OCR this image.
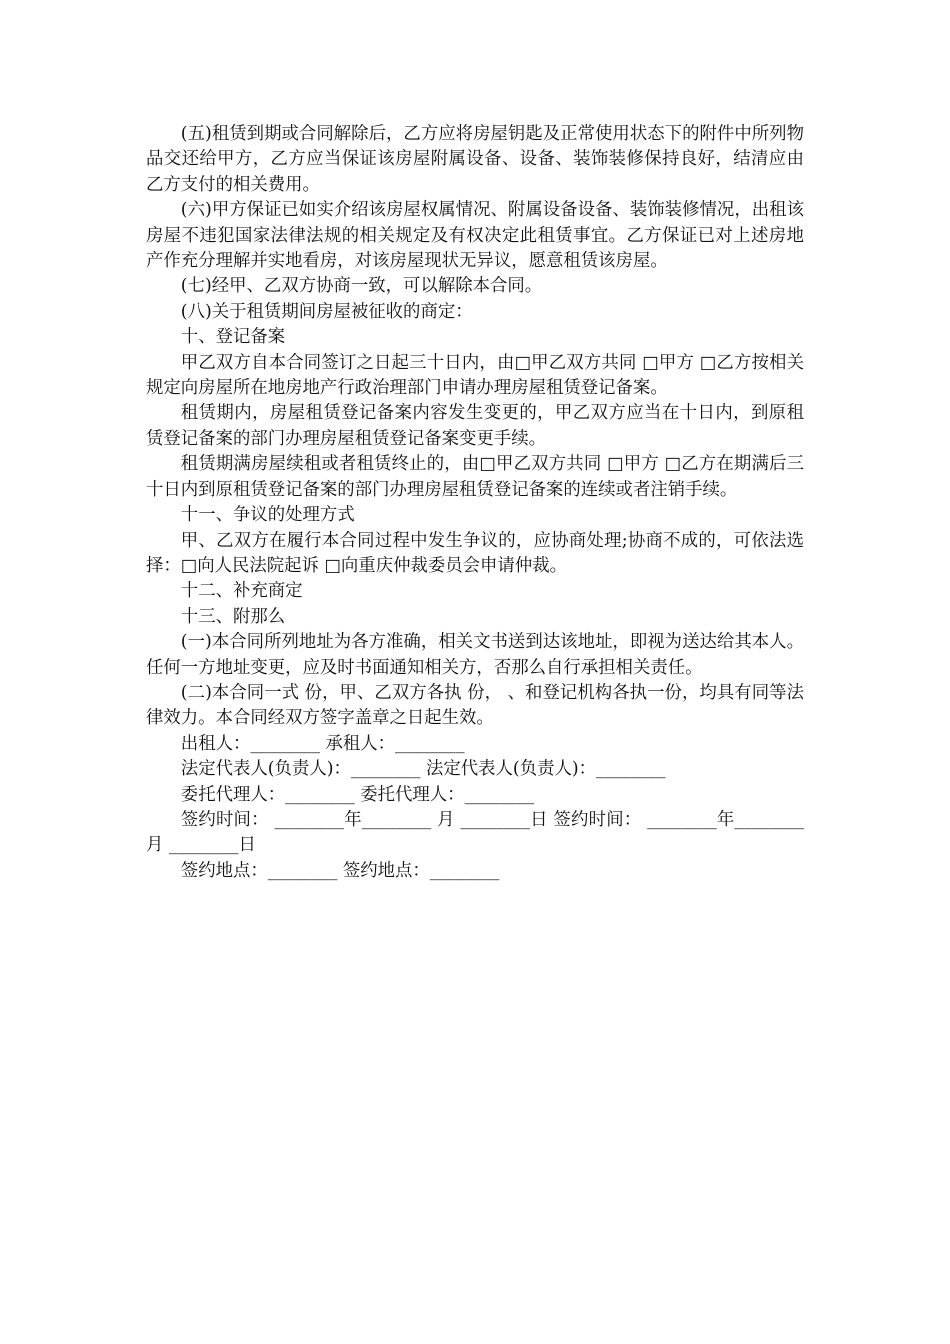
(五)租赁到期或合同解除后，乙方应将房屋钥匙及正常使用状态下的附件中所列物品交还给甲方，乙方应当保证该房屋附属设备、设备、装饰装修保持良好，结清应由乙方支付的相关费用。

(六)甲方保证已如实介绍该房屋权属情况、附属设备设备、装饰装修情况，出租该房屋不违犯国家法律法规的相关规定及有权决定此租赁事宜。乙方保证已对上述房地产作充分理解并实地看房，对该房屋现状无异议，愿意租赁该房屋。

(七)经甲、乙双方协商一致，可以解除本合同。

(八)关于租赁期间房屋被征收的商定：

十、登记备案

甲乙双方自本合同签订之日起三十日内，由□甲乙双方共同 □甲方 □乙方按相关规定向房屋所在地房地产行政治理部门申请办理房屋租赁登记备案。

租赁期内，房屋租赁登记备案内容发生变更的，甲乙双方应当在十日内，到原租赁登记备案的部门办理房屋租赁登记备案变更手续。

租赁期满房屋续租或者租赁终止的，由□甲乙双方共同 □甲方 □乙方在期满后三十日内到原租赁登记备案的部门办理房屋租赁登记备案的连续或者注销手续。

十一、争议的处理方式

甲、乙双方在履行本合同过程中发生争议的，应协商处理;协商不成的，可依法选择：□向人民法院起诉 □向重庆仲裁委员会申请仲裁。

十二、补充商定

十三、附那么

(一)本合同所列地址为各方准确，相关文书送到达该地址，即视为送达给其本人。任何一方地址变更，应及时书面通知相关方，否那么自行承担相关责任。

(二)本合同一式 份，甲、乙双方各执 份， 、和登记机构各执一份，均具有同等法律效力。本合同经双方签字盖章之日起生效。

出租人：________ 承租人：________

法定代表人(负责人)：________ 法定代表人(负责人)：________

委托代理人：________ 委托代理人：________

签约时间： ________年________ 月 ________日 签约时间： ________年________ 月 ________日

签约地点：________ 签约地点：________
